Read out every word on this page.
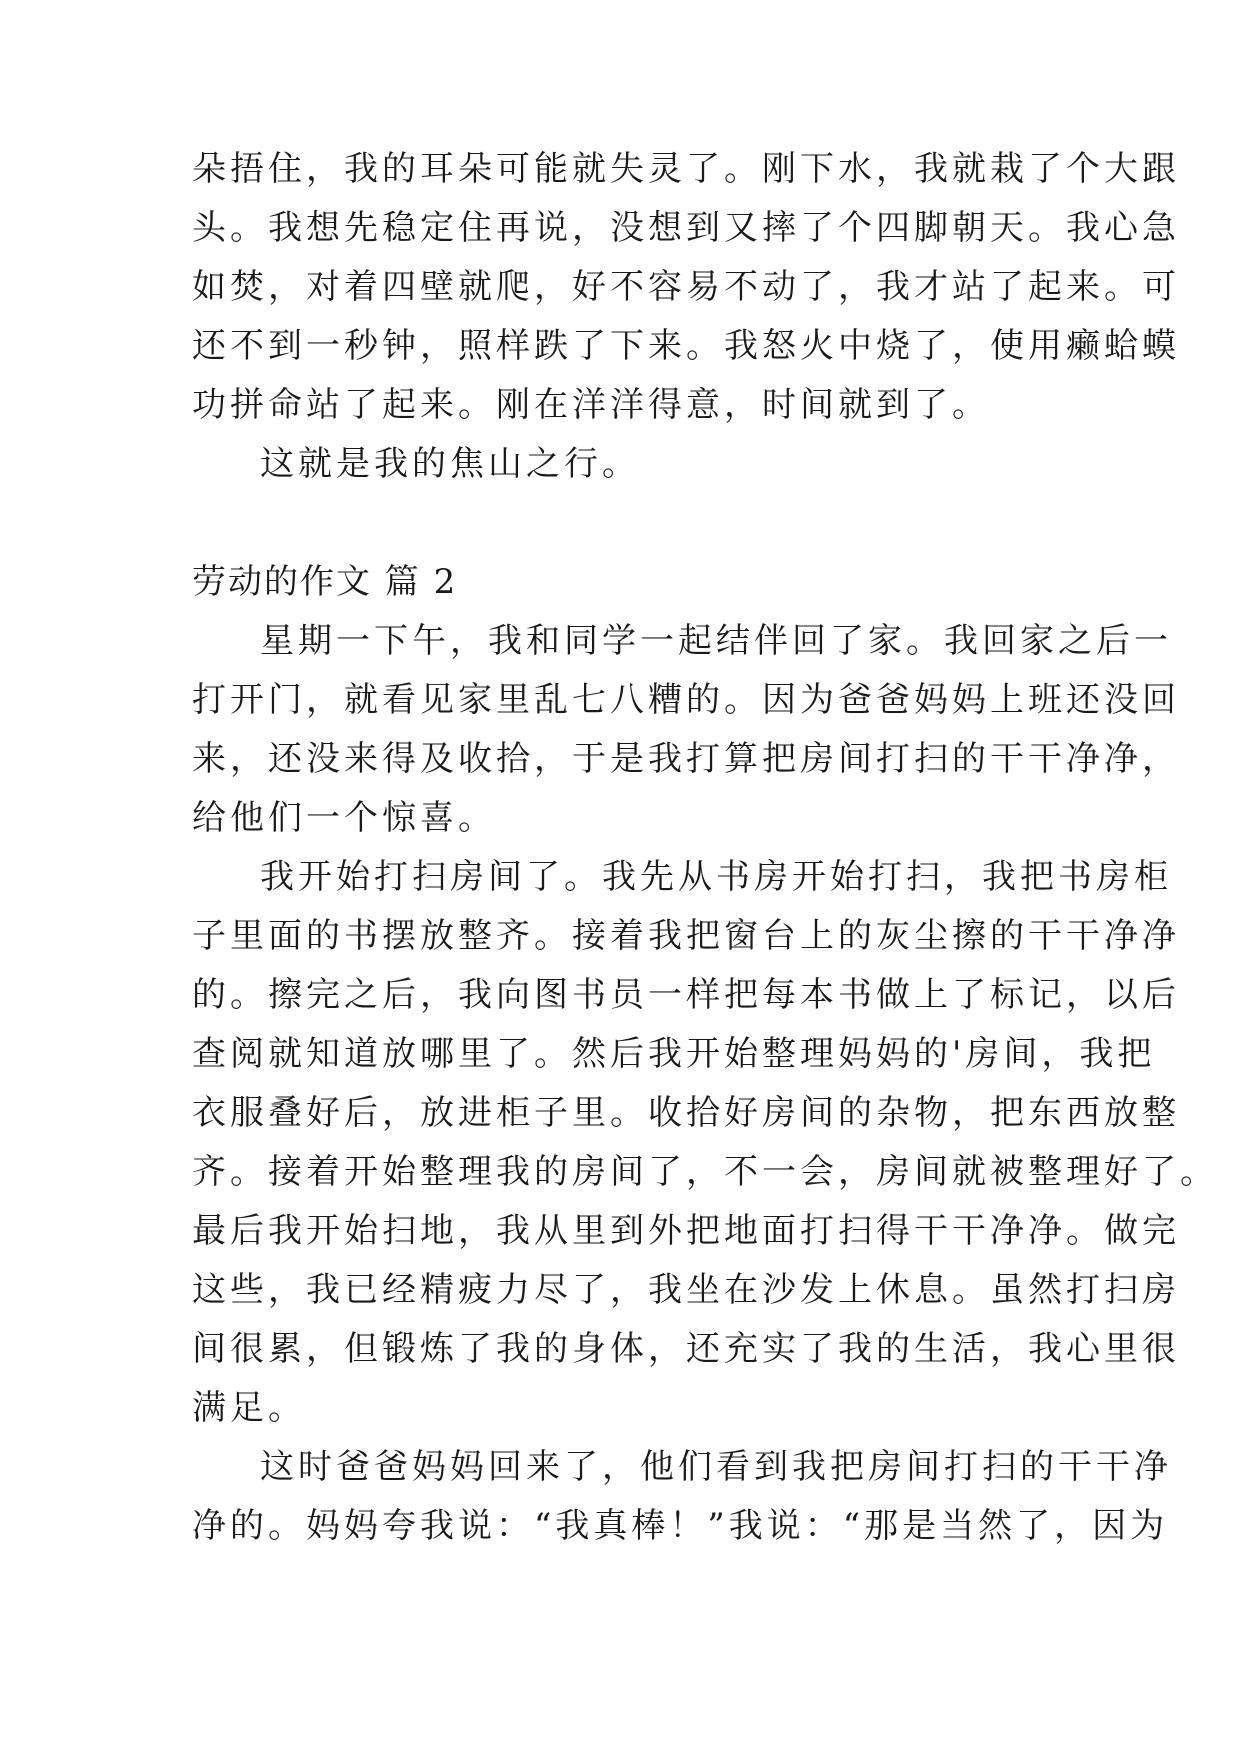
朵捂住，我的耳朵可能就失灵了。刚下水，我就栽了个大跟
头。我想先稳定住再说，没想到又摔了个四脚朝天。我心急
如焚，对着四壁就爬，好不容易不动了，我才站了起来。可
还不到一秒钟，照样跌了下来。我怒火中烧了，使用癞蛤蟆
功拼命站了起来。刚在洋洋得意，时间就到了。
这就是我的焦山之行。
劳动的作文 篇 2
星期一下午，我和同学一起结伴回了家。我回家之后一
打开门，就看见家里乱七八糟的。因为爸爸妈妈上班还没回
来，还没来得及收拾，于是我打算把房间打扫的干干净净，
给他们一个惊喜。
我开始打扫房间了。我先从书房开始打扫，我把书房柜
子里面的书摆放整齐。接着我把窗台上的灰尘擦的干干净净
的。擦完之后，我向图书员一样把每本书做上了标记，以后
查阅就知道放哪里了。然后我开始整理妈妈的'房间，我把
衣服叠好后，放进柜子里。收拾好房间的杂物，把东西放整
齐。接着开始整理我的房间了，不一会，房间就被整理好了。
最后我开始扫地，我从里到外把地面打扫得干干净净。做完
这些，我已经精疲力尽了，我坐在沙发上休息。虽然打扫房
间很累，但锻炼了我的身体，还充实了我的生活，我心里很
满足。
这时爸爸妈妈回来了，他们看到我把房间打扫的干干净
净的。妈妈夸我说：“我真棒！”我说：“那是当然了，因为
